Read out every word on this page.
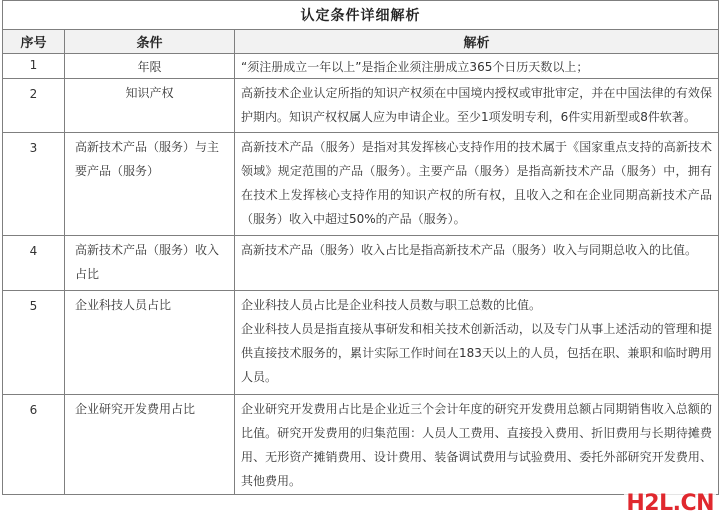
认定条件详细解析		
序号	条件	解析
1	年限	“须注册成立一年以上”是指企业须注册成立365个日历天数以上；

2	知识产权	高新技术企业认定所指的知识产权须在中国境内授权或审批审定，并在中国法律的有效保护期内。知识产权权属人应为申请企业。至少1项发明专利，6件实用新型或8件软著。

3	高新技术产品（服务）与主要产品（服务）	高新技术产品（服务）是指对其发挥核心支持作用的技术属于《国家重点支持的高新技术领域》规定范围的产品（服务）。主要产品（服务）是指高新技术产品（服务）中，拥有在技术上发挥核心支持作用的知识产权的所有权，且收入之和在企业同期高新技术产品（服务）收入中超过50%的产品（服务）。

4	高新技术产品（服务）收入占比	高新技术产品（服务）收入占比是指高新技术产品（服务）收入与同期总收入的比值。

5	企业科技人员占比	企业科技人员占比是企业科技人员数与职工总数的比值。

企业科技人员是指直接从事研发和相关技术创新活动，以及专门从事上述活动的管理和提供直接技术服务的，累计实际工作时间在183天以上的人员，包括在职、兼职和临时聘用人员。

6	企业研究开发费用占比	企业研究开发费用占比是企业近三个会计年度的研究开发费用总额占同期销售收入总额的比值。研究开发费用的归集范围：人员人工费用、直接投入费用、折旧费用与长期待摊费用、无形资产摊销费用、设计费用、装备调试费用与试验费用、委托外部研究开发费用、其他费用。

H2L.CN
